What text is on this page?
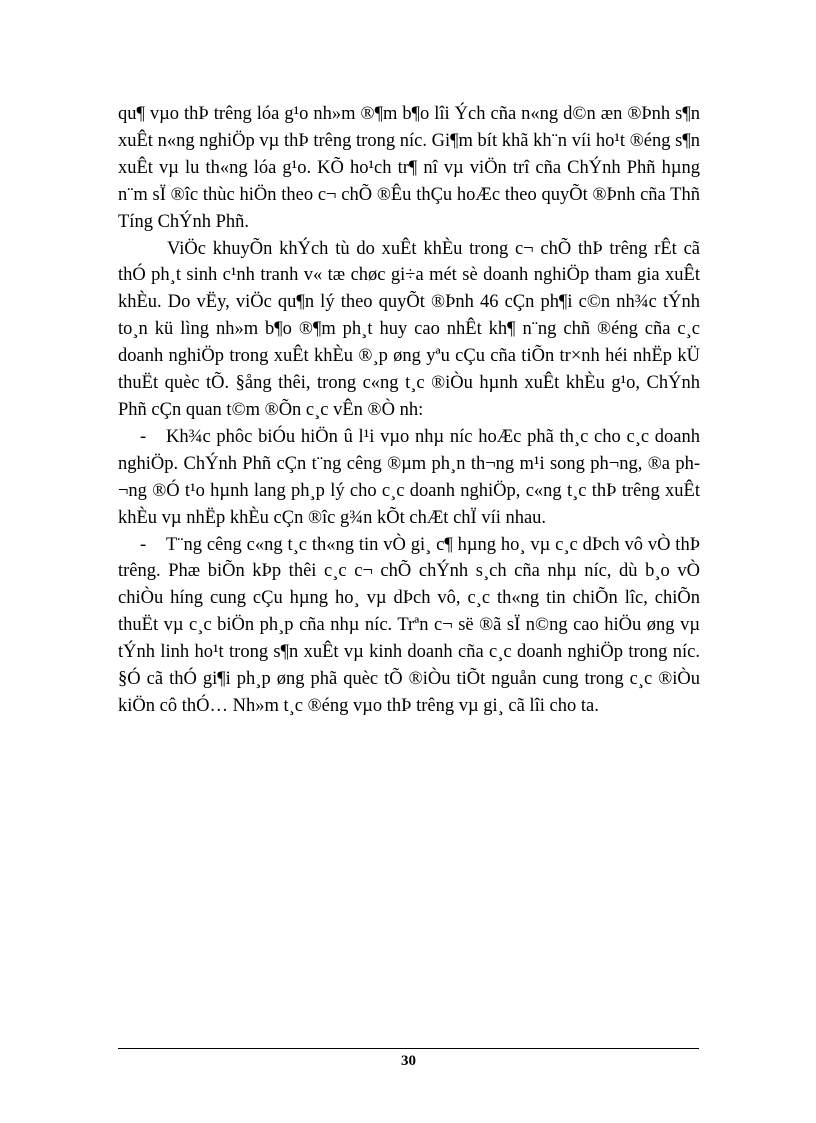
qu¶ vµo thÞ trêng lóa g¹o nh»m ®¶m b¶o lîi Ých cña n«ng d©n æn ®Þnh s¶n xuÊt n«ng nghiÖp vµ thÞ trêng trong níc. Gi¶m bít khã kh¨n víi ho¹t ®éng s¶n xuÊt vµ lu th«ng lóa g¹o. KÕ ho¹ch tr¶ nî vµ viÖn trî cña ChÝnh Phñ hµng n¨m sÏ ®îc thùc hiÖn theo c¬ chÕ ®Êu thÇu hoÆc theo quyÕt ®Þnh cña Thñ Tíng ChÝnh Phñ.

ViÖc khuyÕn khÝch tù do xuÊt khÈu trong c¬ chÕ thÞ trêng rÊt cã thÓ ph¸t sinh c¹nh tranh v« tæ chøc gi÷a mét sè doanh nghiÖp tham gia xuÊt khÈu. Do vËy, viÖc qu¶n lý theo quyÕt ®Þnh 46 cÇn ph¶i c©n nh¾c tÝnh to¸n kü lìng nh»m b¶o ®¶m ph¸t huy cao nhÊt kh¶ n¨ng chñ ®éng cña c¸c doanh nghiÖp trong xuÊt khÈu ®¸p øng yªu cÇu cña tiÕn tr×nh héi nhËp kÜ thuËt quèc tÕ. §ång thêi, trong c«ng t¸c ®iÒu hµnh xuÊt khÈu g¹o, ChÝnh Phñ cÇn quan t©m ®Õn c¸c vÊn ®Ò nh:

-	Kh¾c phôc biÓu hiÖn û l¹i vµo nhµ níc hoÆc phã th¸c cho c¸c doanh nghiÖp. ChÝnh Phñ cÇn t¨ng cêng ®µm ph¸n th¬ng m¹i song ph¬ng, ®a ph¬ng ®Ó t¹o hµnh lang ph¸p lý cho c¸c doanh nghiÖp, c«ng t¸c thÞ trêng xuÊt khÈu vµ nhËp khÈu cÇn ®îc g¾n kÕt chÆt chÏ víi nhau.
-	T¨ng cêng c«ng t¸c th«ng tin vÒ gi¸ c¶ hµng ho¸ vµ c¸c dÞch vô vÒ thÞ trêng. Phæ biÕn kÞp thêi c¸c c¬ chÕ chÝnh s¸ch cña nhµ níc, dù b¸o vÒ chiÒu híng cung cÇu hµng ho¸ vµ dÞch vô, c¸c th«ng tin chiÕn lîc, chiÕn thuËt vµ c¸c biÖn ph¸p cña nhµ níc. Trªn c¬ së ®ã sÏ n©ng cao hiÖu øng vµ tÝnh linh ho¹t trong s¶n xuÊt vµ kinh doanh cña c¸c doanh nghiÖp trong níc. §Ó cã thÓ gi¶i ph¸p øng phã quèc tÕ ®iÒu tiÕt nguån cung trong c¸c ®iÒu kiÖn cô thÓ… Nh»m t¸c ®éng vµo thÞ trêng vµ gi¸ cã lîi cho ta.
30
